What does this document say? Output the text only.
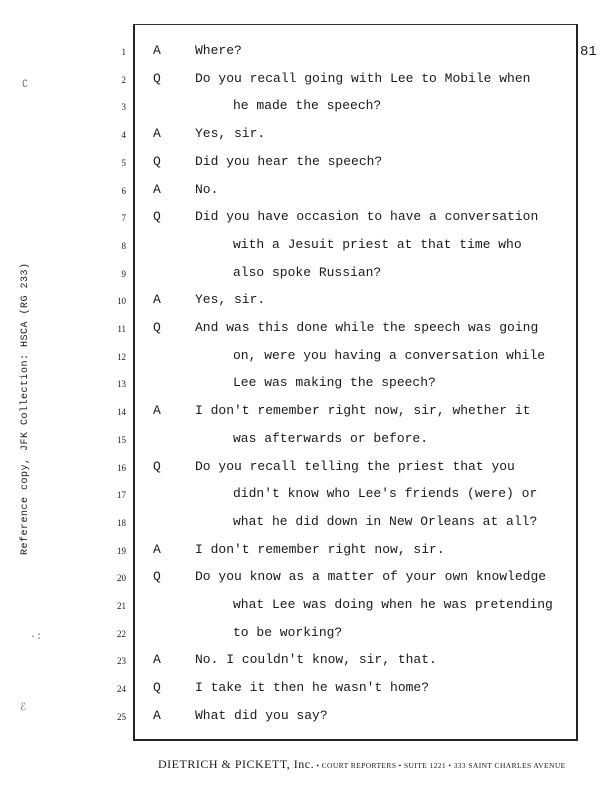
81
Reference copy, JFK Collection: HSCA (RG 233)
ʗ
·:
ℰ
1 A	Where?
2 Q	Do you recall going with Lee to Mobile when
3	he made the speech?
4 A	Yes, sir.
5 Q	Did you hear the speech?
6 A	No.
7 Q	Did you have occasion to have a conversation
8	with a Jesuit priest at that time who
9	also spoke Russian?
10 A	Yes, sir.
11 Q	And was this done while the speech was going
12	on, were you having a conversation while
13	Lee was making the speech?
14 A	I don't remember right now, sir, whether it
15	was afterwards or before.
16 Q	Do you recall telling the priest that you
17	didn't know who Lee's friends (were) or
18	what he did down in New Orleans at all?
19 A	I don't remember right now, sir.
20 Q	Do you know as a matter of your own knowledge
21	what Lee was doing when he was pretending
22	to be working?
23 A	No. I couldn't know, sir, that.
24 Q	I take it then he wasn't home?
25 A	What did you say?
DIETRICH & PICKETT, Inc. • COURT REPORTERS • SUITE 1221 • 333 SAINT CHARLES AVENUE
